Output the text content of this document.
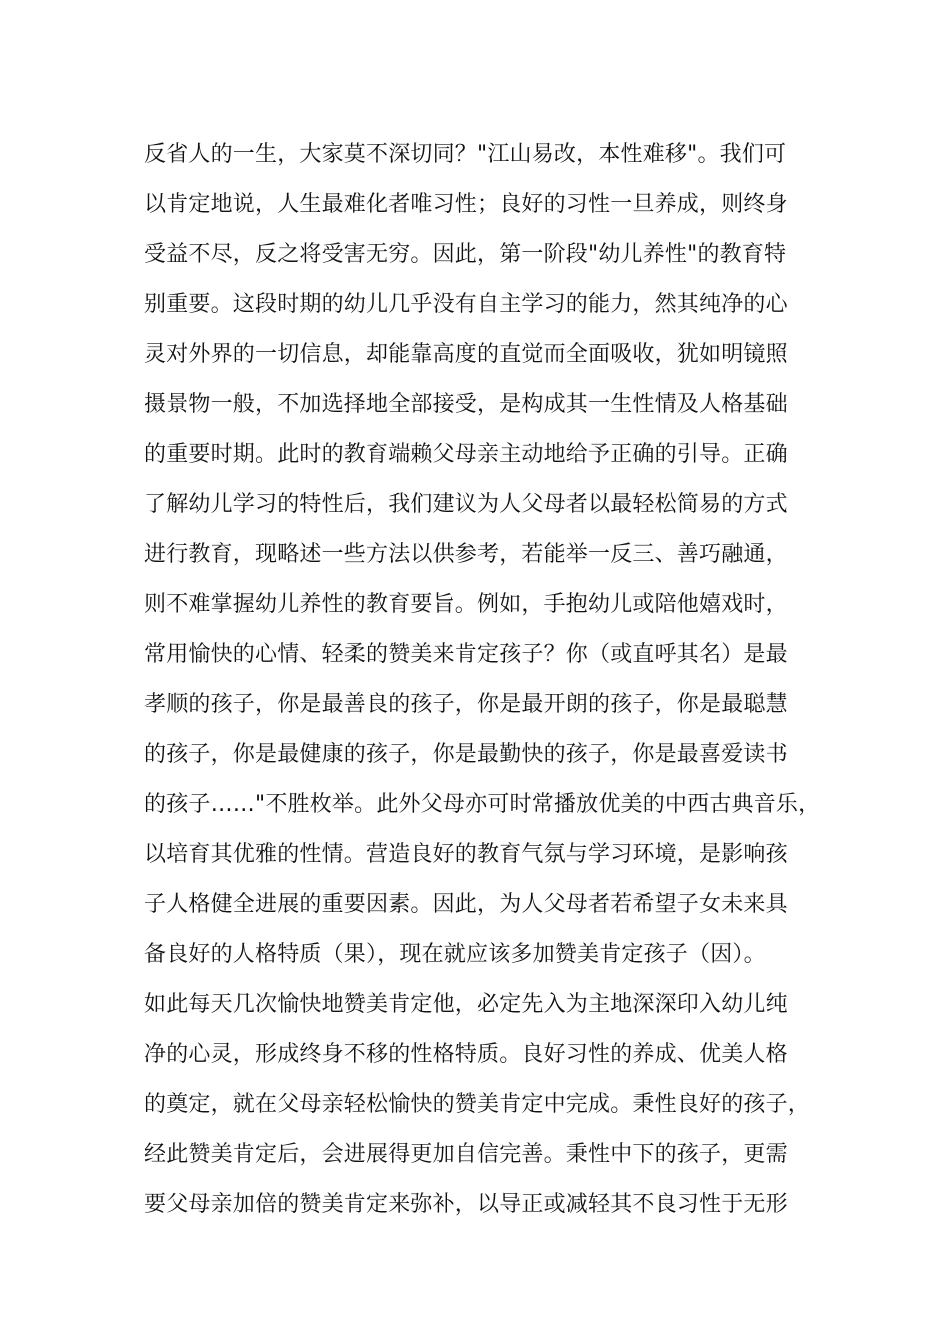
反省人的一生，大家莫不深切同？"江山易改，本性难移"。我们可
以肯定地说，人生最难化者唯习性；良好的习性一旦养成，则终身
受益不尽，反之将受害无穷。因此，第一阶段"幼儿养性"的教育特
别重要。这段时期的幼儿几乎没有自主学习的能力，然其纯净的心
灵对外界的一切信息，却能靠高度的直觉而全面吸收，犹如明镜照
摄景物一般，不加选择地全部接受，是构成其一生性情及人格基础
的重要时期。此时的教育端赖父母亲主动地给予正确的引导。正确
了解幼儿学习的特性后，我们建议为人父母者以最轻松简易的方式
进行教育，现略述一些方法以供参考，若能举一反三、善巧融通，
则不难掌握幼儿养性的教育要旨。例如，手抱幼儿或陪他嬉戏时，
常用愉快的心情、轻柔的赞美来肯定孩子？你（或直呼其名）是最
孝顺的孩子，你是最善良的孩子，你是最开朗的孩子，你是最聪慧
的孩子，你是最健康的孩子，你是最勤快的孩子，你是最喜爱读书
的孩子……"不胜枚举。此外父母亦可时常播放优美的中西古典音乐，
以培育其优雅的性情。营造良好的教育气氛与学习环境，是影响孩
子人格健全进展的重要因素。因此，为人父母者若希望子女未来具
备良好的人格特质（果），现在就应该多加赞美肯定孩子（因）。
如此每天几次愉快地赞美肯定他，必定先入为主地深深印入幼儿纯
净的心灵，形成终身不移的性格特质。良好习性的养成、优美人格
的奠定，就在父母亲轻松愉快的赞美肯定中完成。秉性良好的孩子，
经此赞美肯定后，会进展得更加自信完善。秉性中下的孩子，更需
要父母亲加倍的赞美肯定来弥补，以导正或减轻其不良习性于无形
